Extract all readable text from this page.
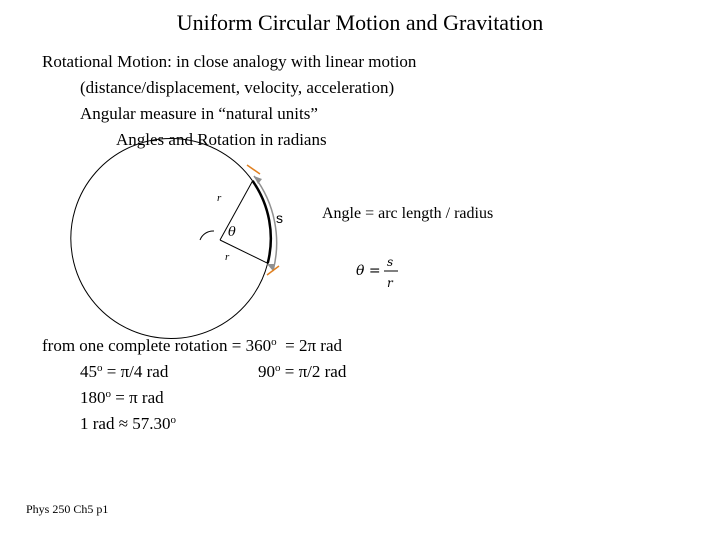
Uniform Circular Motion and Gravitation
Rotational Motion: in close analogy with linear motion
(distance/displacement, velocity, acceleration)
Angular measure in “natural units”
Angles and Rotation in radians
r
r
θ
s Angle = arc length / radius
θ =
s
r
from one complete rotation = $360^o = 2\pi$ rad
$45^o = \pi/4$ rad	$90^o = \pi/2$ rad
$180^o = \pi$ rad
1 rad ≈ $57.30^o$
Phys 250 Ch5 p1
